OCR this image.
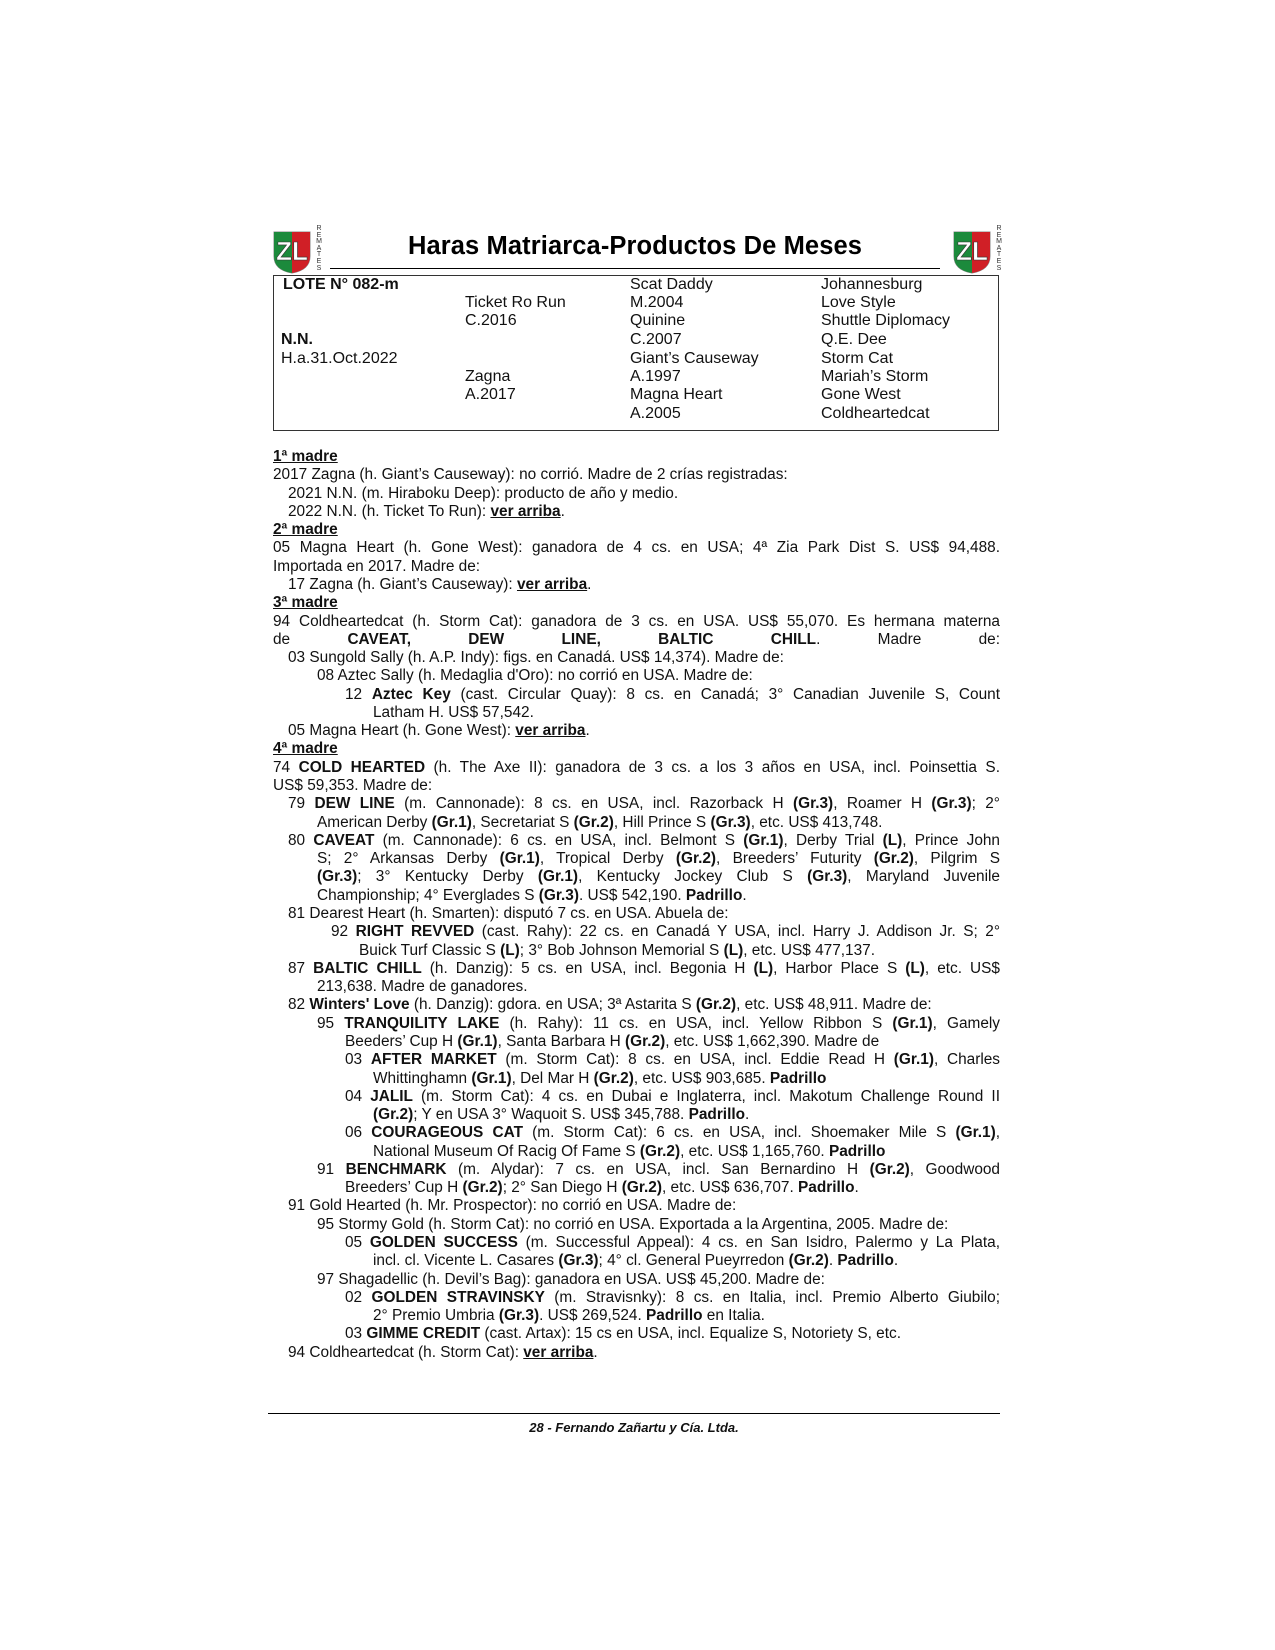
ZL
R
E
M
A
T
E
S
Haras Matriarca-Productos De Meses	ZL
R
E
M
A
T
E
S
LOTE N° 082-m
N.N.
H.a.31.Oct.2022
Ticket Ro Run
C.2016
Zagna
A.2017
Scat Daddy
M.2004
Quinine
C.2007
Giant’s Causeway
A.1997
Magna Heart
A.2005
Johannesburg
Love Style
Shuttle Diplomacy
Q.E. Dee
Storm Cat
Mariah’s Storm
Gone West
Coldheartedcat
1ª madre
2017 Zagna (h. Giant’s Causeway): no corrió. Madre de 2 crías registradas:
2021 N.N. (m. Hiraboku Deep): producto de año y medio.
2022 N.N. (h. Ticket To Run): ver arriba.
2ª madre
05 Magna Heart (h. Gone West): ganadora de 4 cs. en USA; 4ª Zia Park Dist S. US$ 94,488.
Importada en 2017. Madre de:
17 Zagna (h. Giant’s Causeway): ver arriba.
3ª madre
94 Coldheartedcat (h. Storm Cat): ganadora de 3 cs. en USA. US$ 55,070. Es hermana materna
de CAVEAT, DEW LINE, BALTIC CHILL. Madre de:
03 Sungold Sally (h. A.P. Indy): figs. en Canadá. US$ 14,374). Madre de:
08 Aztec Sally (h. Medaglia d'Oro): no corrió en USA. Madre de:
12 Aztec Key (cast. Circular Quay): 8 cs. en Canadá; 3° Canadian Juvenile S, Count
Latham H. US$ 57,542.
05 Magna Heart (h. Gone West): ver arriba.
4ª madre
74 COLD HEARTED (h. The Axe II): ganadora de 3 cs. a los 3 años en USA, incl. Poinsettia S.
US$ 59,353. Madre de:
79 DEW LINE (m. Cannonade): 8 cs. en USA, incl. Razorback H (Gr.3), Roamer H (Gr.3); 2°
American Derby (Gr.1), Secretariat S (Gr.2), Hill Prince S (Gr.3), etc. US$ 413,748.
80 CAVEAT (m. Cannonade): 6 cs. en USA, incl. Belmont S (Gr.1), Derby Trial (L), Prince John
S; 2° Arkansas Derby (Gr.1), Tropical Derby (Gr.2), Breeders’ Futurity (Gr.2), Pilgrim S
(Gr.3); 3° Kentucky Derby (Gr.1), Kentucky Jockey Club S (Gr.3), Maryland Juvenile
Championship; 4° Everglades S (Gr.3). US$ 542,190. Padrillo.
81 Dearest Heart (h. Smarten): disputó 7 cs. en USA. Abuela de:
92 RIGHT REVVED (cast. Rahy): 22 cs. en Canadá Y USA, incl. Harry J. Addison Jr. S; 2°
Buick Turf Classic S (L); 3° Bob Johnson Memorial S (L), etc. US$ 477,137.
87 BALTIC CHILL (h. Danzig): 5 cs. en USA, incl. Begonia H (L), Harbor Place S (L), etc. US$
213,638. Madre de ganadores.
82 Winters' Love (h. Danzig): gdora. en USA; 3ª Astarita S (Gr.2), etc. US$ 48,911. Madre de:
95 TRANQUILITY LAKE (h. Rahy): 11 cs. en USA, incl. Yellow Ribbon S (Gr.1), Gamely
Beeders’ Cup H (Gr.1), Santa Barbara H (Gr.2), etc. US$ 1,662,390. Madre de
03 AFTER MARKET (m. Storm Cat): 8 cs. en USA, incl. Eddie Read H (Gr.1), Charles
Whittinghamn (Gr.1), Del Mar H (Gr.2), etc. US$ 903,685. Padrillo
04 JALIL (m. Storm Cat): 4 cs. en Dubai e Inglaterra, incl. Makotum Challenge Round II
(Gr.2); Y en USA 3° Waquoit S. US$ 345,788. Padrillo.
06 COURAGEOUS CAT (m. Storm Cat): 6 cs. en USA, incl. Shoemaker Mile S (Gr.1),
National Museum Of Racig Of Fame S (Gr.2), etc. US$ 1,165,760. Padrillo
91 BENCHMARK (m. Alydar): 7 cs. en USA, incl. San Bernardino H (Gr.2), Goodwood
Breeders’ Cup H (Gr.2); 2° San Diego H (Gr.2), etc. US$ 636,707. Padrillo.
91 Gold Hearted (h. Mr. Prospector): no corrió en USA. Madre de:
95 Stormy Gold (h. Storm Cat): no corrió en USA. Exportada a la Argentina, 2005. Madre de:
05 GOLDEN SUCCESS (m. Successful Appeal): 4 cs. en San Isidro, Palermo y La Plata,
incl. cl. Vicente L. Casares (Gr.3); 4° cl. General Pueyrredon (Gr.2). Padrillo.
97 Shagadellic (h. Devil’s Bag): ganadora en USA. US$ 45,200. Madre de:
02 GOLDEN STRAVINSKY (m. Stravisnky): 8 cs. en Italia, incl. Premio Alberto Giubilo;
2° Premio Umbria (Gr.3). US$ 269,524. Padrillo en Italia.
03 GIMME CREDIT (cast. Artax): 15 cs en USA, incl. Equalize S, Notoriety S, etc.
94 Coldheartedcat (h. Storm Cat): ver arriba.
28 - Fernando Zañartu y Cía. Ltda.
